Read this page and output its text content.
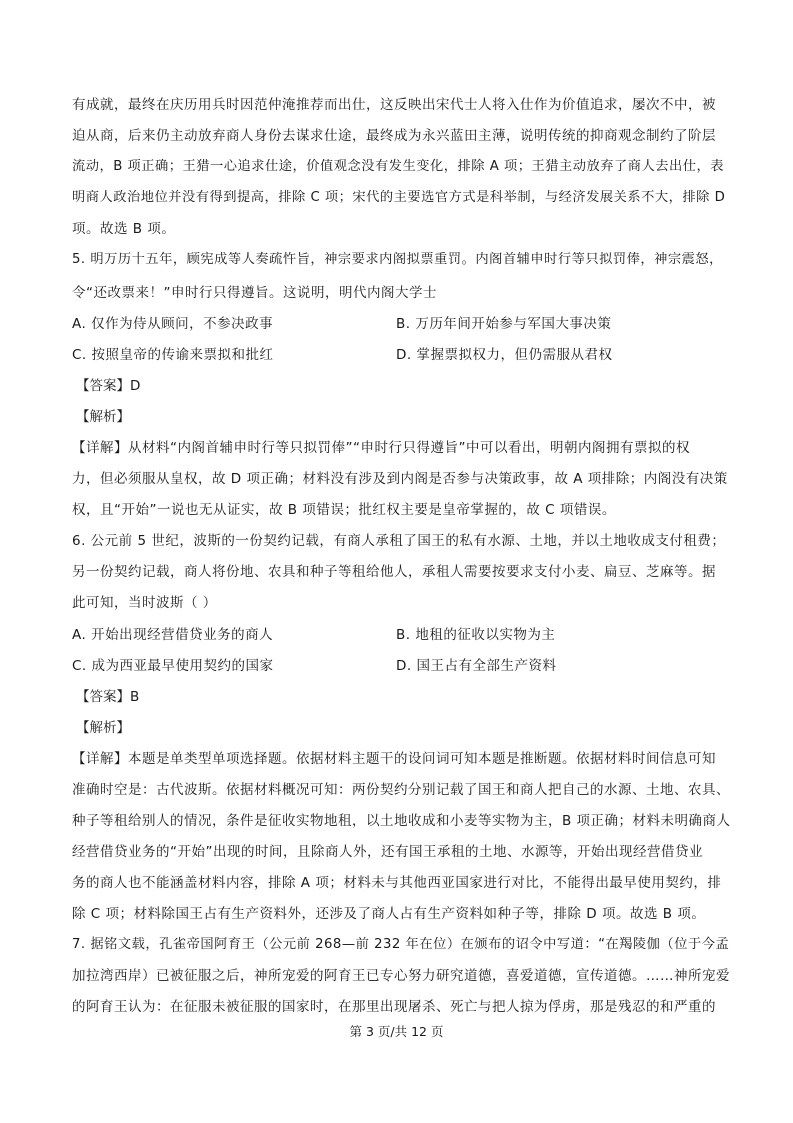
有成就，最终在庆历用兵时因范仲淹推荐而出仕，这反映出宋代士人将入仕作为价值追求，屡次不中，被
迫从商，后来仍主动放弃商人身份去谋求仕途，最终成为永兴蓝田主薄，说明传统的抑商观念制约了阶层
流动，B 项正确；王猎一心追求仕途，价值观念没有发生变化，排除 A 项；王猎主动放弃了商人去出仕，表
明商人政治地位并没有得到提高，排除 C 项；宋代的主要选官方式是科举制，与经济发展关系不大，排除 D
项。故选 B 项。
5. 明万历十五年，顾宪成等人奏疏忤旨，神宗要求内阁拟票重罚。内阁首辅申时行等只拟罚俸，神宗震怒，
令“还改票来！”申时行只得遵旨。这说明，明代内阁大学士
A. 仅作为侍从顾问，不参决政事	B. 万历年间开始参与军国大事决策
C. 按照皇帝的传谕来票拟和批红	D. 掌握票拟权力，但仍需服从君权
【答案】D
【解析】
【详解】从材料“内阁首辅申时行等只拟罚俸”“申时行只得遵旨”中可以看出，明朝内阁拥有票拟的权
力，但必须服从皇权，故 D 项正确；材料没有涉及到内阁是否参与决策政事，故 A 项排除；内阁没有决策
权，且“开始”一说也无从证实，故 B 项错误；批红权主要是皇帝掌握的，故 C 项错误。
6. 公元前 5 世纪，波斯的一份契约记载，有商人承租了国王的私有水源、土地，并以土地收成支付租费；
另一份契约记载，商人将份地、农具和种子等租给他人，承租人需要按要求支付小麦、扁豆、芝麻等。据
此可知，当时波斯（ ）
A. 开始出现经营借贷业务的商人	B. 地租的征收以实物为主
C. 成为西亚最早使用契约的国家	D. 国王占有全部生产资料
【答案】B
【解析】
【详解】本题是单类型单项选择题。依据材料主题干的设问词可知本题是推断题。依据材料时间信息可知
准确时空是：古代波斯。依据材料概况可知：两份契约分别记载了国王和商人把自己的水源、土地、农具、
种子等租给别人的情况，条件是征收实物地租，以土地收成和小麦等实物为主，B 项正确；材料未明确商人
经营借贷业务的“开始”出现的时间，且除商人外，还有国王承租的土地、水源等，开始出现经营借贷业
务的商人也不能涵盖材料内容，排除 A 项；材料未与其他西亚国家进行对比，不能得出最早使用契约，排
除 C 项；材料除国王占有生产资料外，还涉及了商人占有生产资料如种子等，排除 D 项。故选 B 项。
7. 据铭文载，孔雀帝国阿育王（公元前 268—前 232 年在位）在颁布的诏令中写道：“在羯陵伽（位于今孟
加拉湾西岸）已被征服之后，神所宠爱的阿育王已专心努力研究道德，喜爱道德，宣传道德。……神所宠爱
的阿育王认为：在征服未被征服的国家时，在那里出现屠杀、死亡与把人掠为俘虏，那是残忍的和严重的
第 3 页/共 12 页
